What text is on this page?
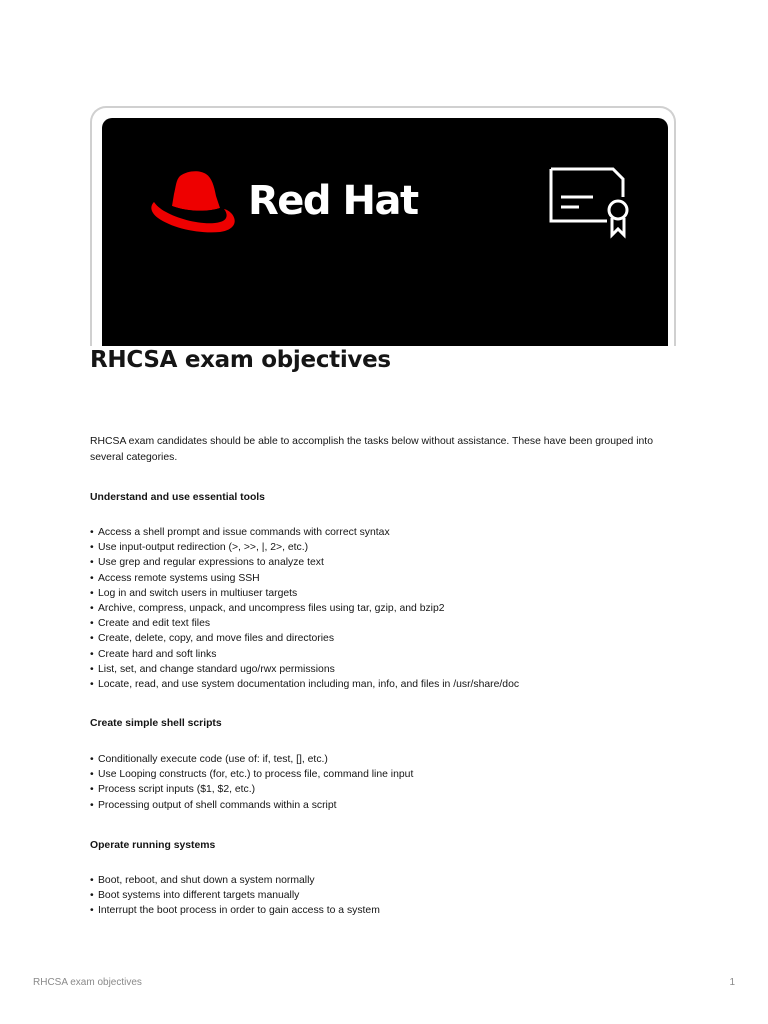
Red Hat
RHCSA exam objectives

RHCSA exam candidates should be able to accomplish the tasks below without assistance. These have been grouped into several categories.

Understand and use essential tools

• Access a shell prompt and issue commands with correct syntax
• Use input-output redirection (>, >>, |, 2>, etc.)
• Use grep and regular expressions to analyze text
• Access remote systems using SSH
• Log in and switch users in multiuser targets
• Archive, compress, unpack, and uncompress files using tar, gzip, and bzip2
• Create and edit text files
• Create, delete, copy, and move files and directories
• Create hard and soft links
• List, set, and change standard ugo/rwx permissions
• Locate, read, and use system documentation including man, info, and files in /usr/share/doc

Create simple shell scripts

• Conditionally execute code (use of: if, test, [], etc.)
• Use Looping constructs (for, etc.) to process file, command line input
• Process script inputs ($1, $2, etc.)
• Processing output of shell commands within a script

Operate running systems

• Boot, reboot, and shut down a system normally
• Boot systems into different targets manually
• Interrupt the boot process in order to gain access to a system
RHCSA exam objectives	1
